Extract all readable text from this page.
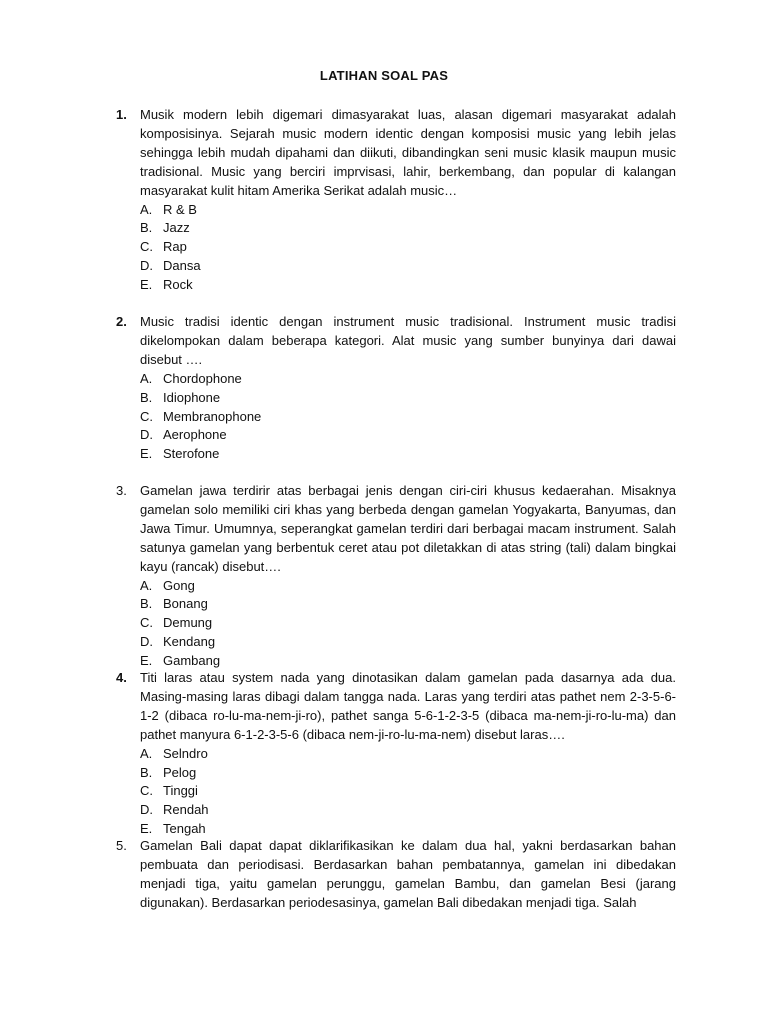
LATIHAN SOAL PAS
1.	Musik modern lebih digemari dimasyarakat luas, alasan digemari masyarakat adalah komposisinya. Sejarah music modern identic dengan komposisi music yang lebih jelas sehingga lebih mudah dipahami dan diikuti, dibandingkan seni music klasik maupun music tradisional. Music yang berciri imprvisasi, lahir, berkembang, dan popular di kalangan masyarakat kulit hitam Amerika Serikat adalah music…
A. R & B
B. Jazz
C. Rap
D. Dansa
E. Rock
2.	Music tradisi identic dengan instrument music tradisional. Instrument music tradisi dikelompokan dalam beberapa kategori. Alat music yang sumber bunyinya dari dawai disebut ….
A. Chordophone
B. Idiophone
C. Membranophone
D. Aerophone
E. Sterofone
3.	Gamelan jawa terdirir atas berbagai jenis dengan ciri-ciri khusus kedaerahan. Misaknya gamelan solo memiliki ciri khas yang berbeda dengan gamelan Yogyakarta, Banyumas, dan Jawa Timur. Umumnya, seperangkat gamelan terdiri dari berbagai macam instrument. Salah satunya gamelan yang berbentuk ceret atau pot diletakkan di atas string (tali) dalam bingkai kayu (rancak) disebut….
A. Gong
B. Bonang
C. Demung
D. Kendang
E. Gambang
4.	Titi laras atau system nada yang dinotasikan dalam gamelan pada dasarnya ada dua. Masing-masing laras dibagi dalam tangga nada. Laras yang terdiri atas pathet nem 2-3-5-6-1-2 (dibaca ro-lu-ma-nem-ji-ro), pathet sanga 5-6-1-2-3-5 (dibaca ma-nem-ji-ro-lu-ma) dan pathet manyura 6-1-2-3-5-6 (dibaca nem-ji-ro-lu-ma-nem) disebut laras….
A. Selndro
B. Pelog
C. Tinggi
D. Rendah
E. Tengah
5.	Gamelan Bali dapat dapat diklarifikasikan ke dalam dua hal, yakni berdasarkan bahan pembuata dan periodisasi. Berdasarkan bahan pembatannya, gamelan ini dibedakan menjadi tiga, yaitu gamelan perunggu, gamelan Bambu, dan gamelan Besi (jarang digunakan). Berdasarkan periodesasinya, gamelan Bali dibedakan menjadi tiga. Salah
